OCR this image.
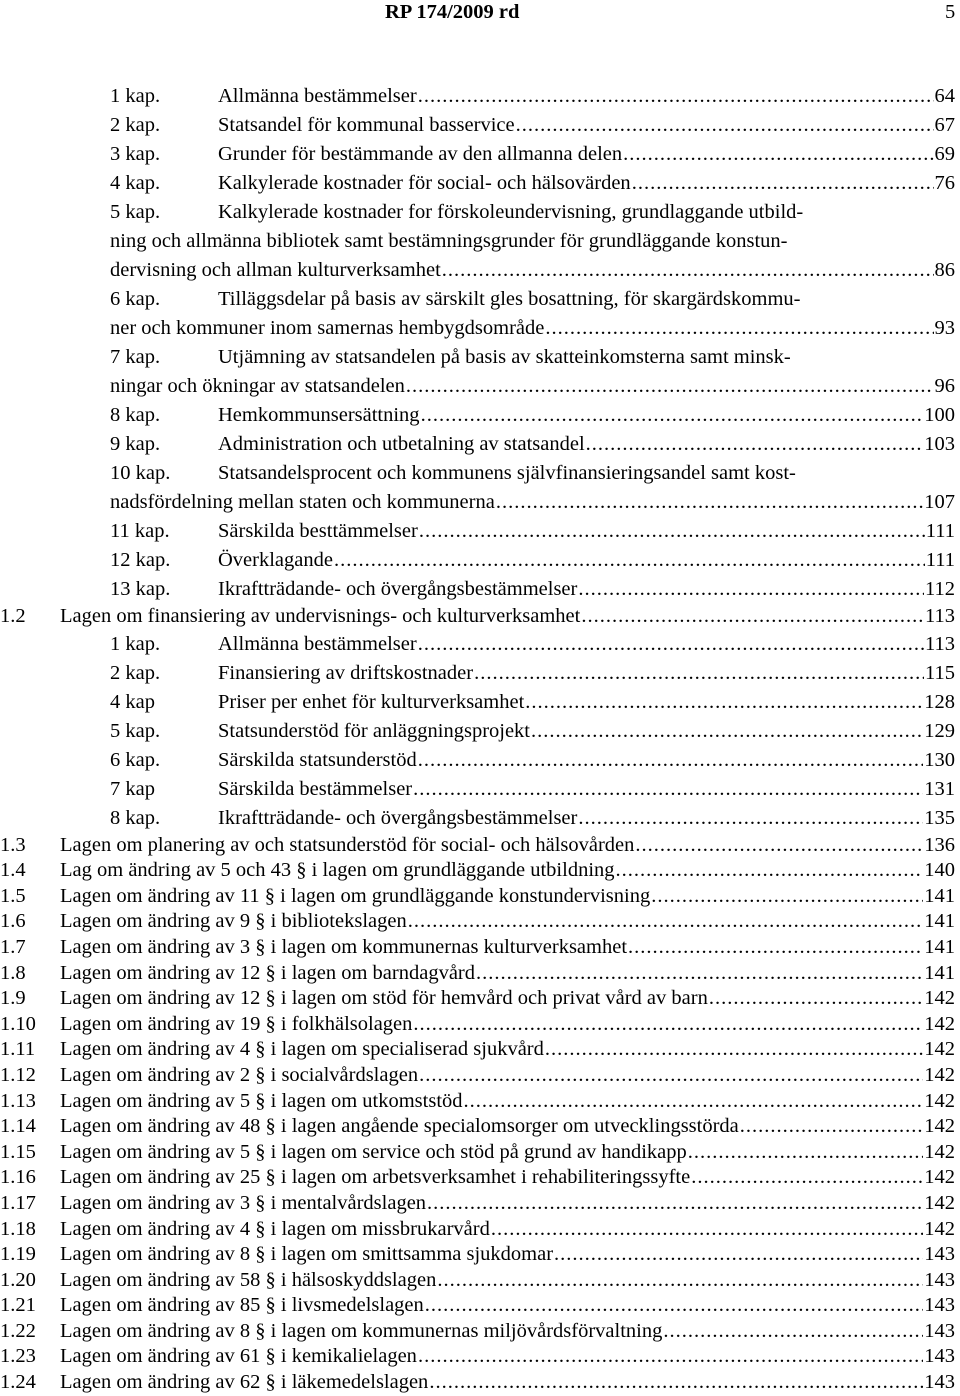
RP 174/2009 rd	5
1 kap.	Allmänna bestämmelser .....	64
2 kap.	Statsandel för kommunal basservice .....	67
3 kap.	Grunder för bestämmande av den allmanna delen .....	69
4 kap.	Kalkylerade kostnader för social- och hälsovärden .....	76
5 kap.	Kalkylerade kostnader for förskoleundervisning, grundlaggande utbild-
ning och allmänna bibliotek samt bestämningsgrunder för grundläggande konstun-
dervisning och allman kulturverksamhet .....	86
6 kap.	Tilläggsdelar på basis av särskilt gles bosattning, för skargärdskommu-
ner och kommuner inom samernas hembygdsområde .....	93
7 kap.	Utjämning av statsandelen på basis av skatteinkomsterna samt minsk-
ningar och ökningar av statsandelen .....	96
8 kap.	Hemkommunsersättning .....	100
9 kap.	Administration och utbetalning av statsandel .....	103
10 kap. Statsandelsprocent och kommunens självfinansieringsandel samt kost-
nadsfördelning mellan staten och kommunerna .....	107
11 kap. Särskilda besttämmelser .....	111
12 kap. Överklagande .....	111
13 kap. Ikraftträdande- och övergångsbestämmelser .....	112
1.2 Lagen om finansiering av undervisnings- och kulturverksamhet .....	113
1 kap.	Allmänna bestämmelser .....	113
2 kap.	Finansiering av driftskostnader .....	115
4 kap	Priser per enhet för kulturverksamhet .....	128
5 kap.	Statsunderstöd för anläggningsprojekt .....	129
6 kap.	Särskilda statsunderstöd .....	130
7 kap	Särskilda bestämmelser .....	131
8 kap.	Ikraftträdande- och övergångsbestämmelser .....	135
1.3 Lagen om planering av och statsunderstöd för social- och hälsovården .....	136
1.4 Lag om ändring av 5 och 43 § i lagen om grundläggande utbildning .....	140
1.5 Lagen om ändring av 11 § i lagen om grundläggande konstundervisning .....	141
1.6 Lagen om ändring av 9 § i bibliotekslagen .....	141
1.7 Lagen om ändring av 3 § i lagen om kommunernas kulturverksamhet .....	141
1.8 Lagen om ändring av 12 § i lagen om barndagvård .....	141
1.9 Lagen om ändring av 12 § i lagen om stöd för hemvård och privat vård av barn .....	142
1.10 Lagen om ändring av 19 § i folkhälsolagen .....	142
1.11 Lagen om ändring av 4 § i lagen om specialiserad sjukvård .....	142
1.12 Lagen om ändring av 2 § i socialvårdslagen .....	142
1.13 Lagen om ändring av 5 § i lagen om utkomststöd .....	142
1.14 Lagen om ändring av 48 § i lagen angående specialomsorger om utvecklingsstörda .....	142
1.15 Lagen om ändring av 5 § i lagen om service och stöd på grund av handikapp .....	142
1.16 Lagen om ändring av 25 § i lagen om arbetsverksamhet i rehabiliteringssyfte .....	142
1.17 Lagen om ändring av 3 § i mentalvårdslagen .....	142
1.18 Lagen om ändring av 4 § i lagen om missbrukarvård .....	142
1.19 Lagen om ändring av 8 § i lagen om smittsamma sjukdomar .....	143
1.20 Lagen om ändring av 58 § i hälsoskyddslagen .....	143
1.21 Lagen om ändring av 85 § i livsmedelslagen .....	143
1.22 Lagen om ändring av 8 § i lagen om kommunernas miljövårdsförvaltning .....	143
1.23 Lagen om ändring av 61 § i kemikalielagen .....	143
1.24 Lagen om ändring av 62 § i läkemedelslagen .....	143
